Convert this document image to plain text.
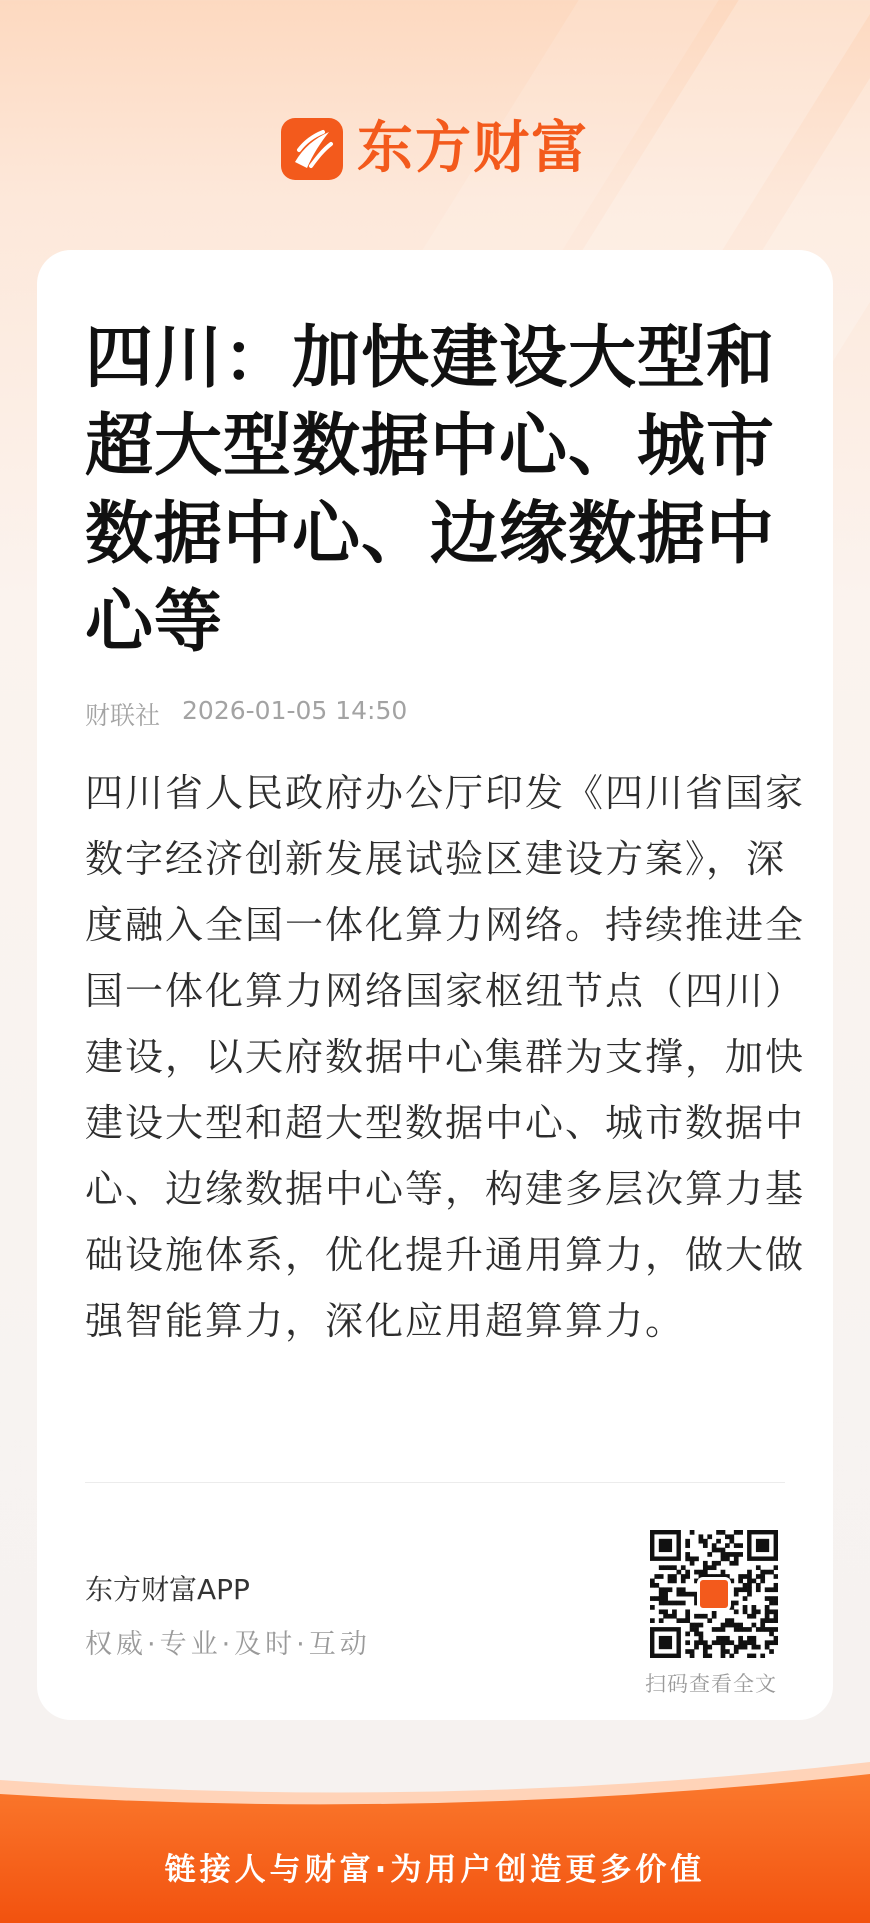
东方财富
四川：加快建设大型和超大型数据中心、城市数据中心、边缘数据中心等
财联社 2026-01-05 14:50

四川省人民政府办公厅印发《四川省国家数字经济创新发展试验区建设方案》，深度融入全国一体化算力网络。持续推进全国一体化算力网络国家枢纽节点（四川）建设，以天府数据中心集群为支撑，加快建设大型和超大型数据中心、城市数据中心、边缘数据中心等，构建多层次算力基础设施体系，优化提升通用算力，做大做强智能算力，深化应用超算算力。

东方财富APP
权威·专业·及时·互动
扫码查看全文
链接人与财富·为用户创造更多价值
